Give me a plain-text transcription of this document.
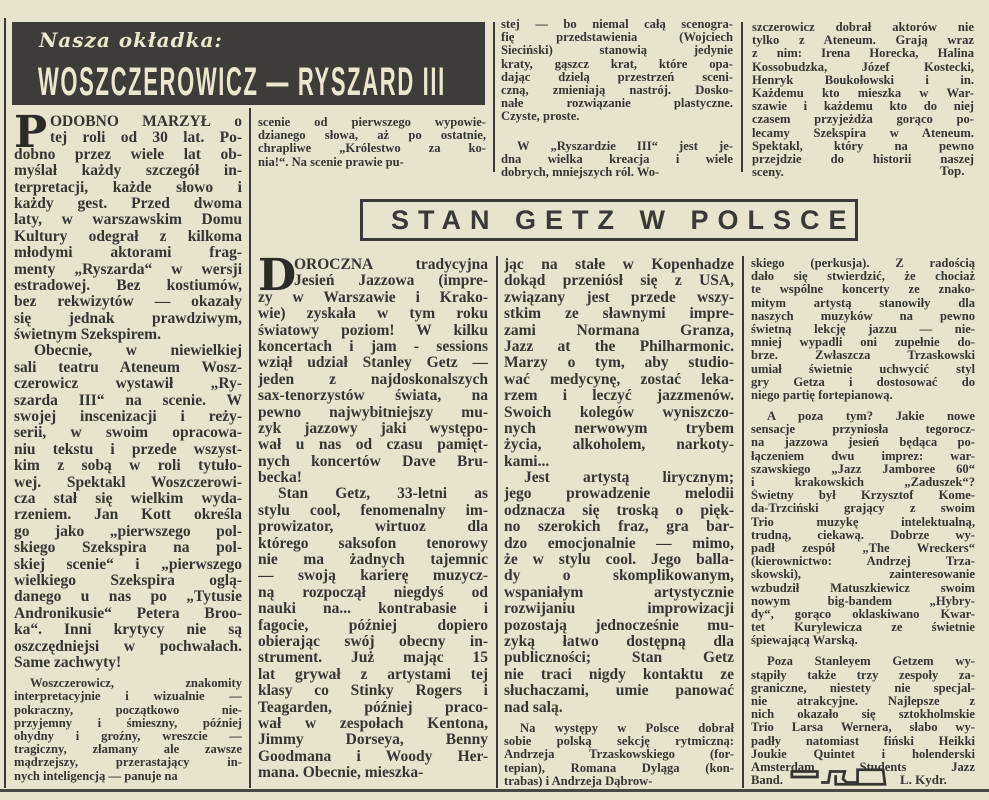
Nasza okładka:
WOSZCZEROWICZ — RYSZARD III
P ODOBNO MARZYŁ o
tej roli od 30 lat. Po-
dobno przez wiele lat ob-
myślał każdy szczegół in-
terpretacji, każde słowo i
każdy gest. Przed dwoma
laty, w warszawskim Domu
Kultury odegrał z kilkoma
młodymi aktorami frag-
menty „Ryszarda“ w wersji
estradowej. Bez kostiumów,
bez rekwizytów — okazały
się jednak prawdziwym,
świetnym Szekspirem.
Obecnie, w niewielkiej
sali teatru Ateneum Wosz-
czerowicz wystawił „Ry-
szarda III“ na scenie. W
swojej inscenizacji i reży-
serii, w swoim opracowa-
niu tekstu i przede wszyst-
kim z sobą w roli tytuło-
wej. Spektakl Woszczerowi-
cza stał się wielkim wyda-
rzeniem. Jan Kott określa
go jako „pierwszego pol-
skiego Szekspira na pol-
skiej scenie“ i „pierwszego
wielkiego Szekspira oglą-
danego u nas po „Tytusie
Andronikusie“ Petera Broo-
ka“. Inni krytycy nie są
oszczędniejsi w pochwałach.
Same zachwyty!
Woszczerowicz, znakomity
interpretacyjnie i wizualnie —
pokraczny, początkowo nie-
przyjemny i śmieszny, później
ohydny i groźny, wreszcie —
tragiczny, złamany ale zawsze
mądrzejszy, przerastający in-
nych inteligencją — panuje na
scenie od pierwszego wypowie-
dzianego słowa, aż po ostatnie,
chrapliwe „Królestwo za ko-
nia!“. Na scenie prawie pu-
stej — bo niemal całą scenogra-
fię przedstawienia (Wojciech
Sieciński) stanowią jedynie
kraty, gąszcz krat, które opa-
dając dzielą przestrzeń sceni-
czną, zmieniają nastrój. Dosko-
nałe rozwiązanie plastyczne.
Czyste, proste.
W „Ryszardzie III“ jest je-
dna wielka kreacja i wiele
dobrych, mniejszych ról. Wo-
szczerowicz dobrał aktorów nie
tylko z Ateneum. Grają wraz
z nim: Irena Horecka, Halina
Kossobudzka, Józef Kostecki,
Henryk Boukołowski i in.
Każdemu kto mieszka w War-
szawie i każdemu kto do niej
czasem przyjeżdża gorąco po-
lecamy Szekspira w Ateneum.
Spektakl, który na pewno
przejdzie do historii naszej
sceny.	Top.
STAN GETZ W POLSCE
D
OROCZNA tradycyjna
Jesień Jazzowa (impre-
zy w Warszawie i Krako-
wie) zyskała w tym roku
światowy poziom! W kilku
koncertach i jam - sessions
wziął udział Stanley Getz —
jeden z najdoskonalszych
sax-tenorzystów świata, na
pewno najwybitniejszy mu-
zyk jazzowy jaki występo-
wał u nas od czasu pamięt-
nych koncertów Dave Bru-
becka!
Stan Getz, 33-letni as
stylu cool, fenomenalny im-
prowizator, wirtuoz dla
którego saksofon tenorowy
nie ma żadnych tajemnic
— swoją karierę muzycz-
ną rozpoczął niegdyś od
nauki na... kontrabasie i
fagocie, później dopiero
obierając swój obecny in-
strument. Już mając 15
lat grywał z artystami tej
klasy co Stinky Rogers i
Teagarden, później praco-
wał w zespołach Kentona,
Jimmy Dorseya, Benny
Goodmana i Woody Her-
mana. Obecnie, mieszka-
jąc na stałe w Kopenhadze
dokąd przeniósł się z USA,
związany jest przede wszy-
stkim ze sławnymi impre-
zami Normana Granza,
Jazz at the Philharmonic.
Marzy o tym, aby studio-
wać medycynę, zostać leka-
rzem i leczyć jazzmenów.
Swoich kolegów wyniszczo-
nych nerwowym trybem
życia, alkoholem, narkoty-
kami...
Jest artystą lirycznym;
jego prowadzenie melodii
odznacza się troską o pięk-
no szerokich fraz, gra bar-
dzo emocjonalnie — mimo,
że w stylu cool. Jego balla-
dy o skomplikowanym,
wspaniałym artystycznie
rozwijaniu improwizacji
pozostają jednocześnie mu-
zyką łatwo dostępną dla
publiczności; Stan Getz
nie traci nigdy kontaktu ze
słuchaczami, umie panować
nad salą.
Na występy w Polsce dobrał
sobie polską sekcję rytmiczną:
Andrzeja Trzaskowskiego (for-
tepian), Romana Dyląga (kon-
trabas) i Andrzeja Dąbrow-
skiego (perkusja). Z radością
dało się stwierdzić, że chociaż
te wspólne koncerty ze znako-
mitym artystą stanowiły dla
naszych muzyków na pewno
świetną lekcję jazzu — nie-
mniej wypadli oni zupełnie do-
brze. Zwłaszcza Trzaskowski
umiał świetnie uchwycić styl
gry Getza i dostosować do
niego partię fortepianową.
A poza tym? Jakie nowe
sensacje przyniosła tegorocz-
na jazzowa jesień będąca po-
łączeniem dwu imprez: war-
szawskiego „Jazz Jamboree 60“
i krakowskich „Zaduszek“?
Świetny był Krzysztof Kome-
da-Trzciński grający z swoim
Trio muzykę intelektualną,
trudną, ciekawą. Dobrze wy-
padł zespół „The Wreckers“
(kierownictwo: Andrzej Trza-
skowski), zainteresowanie
wzbudził Matuszkiewicz swoim
nowym big-bandem „Hybry-
dy“, gorąco oklaskiwano Kwar-
tet Kurylewicza ze świetnie
śpiewającą Warską.
Poza Stanleyem Getzem wy-
stąpiły także trzy zespoły za-
graniczne, niestety nie specjal-
nie atrakcyjne. Najlepsze z
nich okazało się sztokholmskie
Trio Larsa Wernera, słabo wy-
padły natomiast fiński Heikki
Joukie Quintet i holenderski
Amsterdam Students Jazz
Band.	L. Kydr.
